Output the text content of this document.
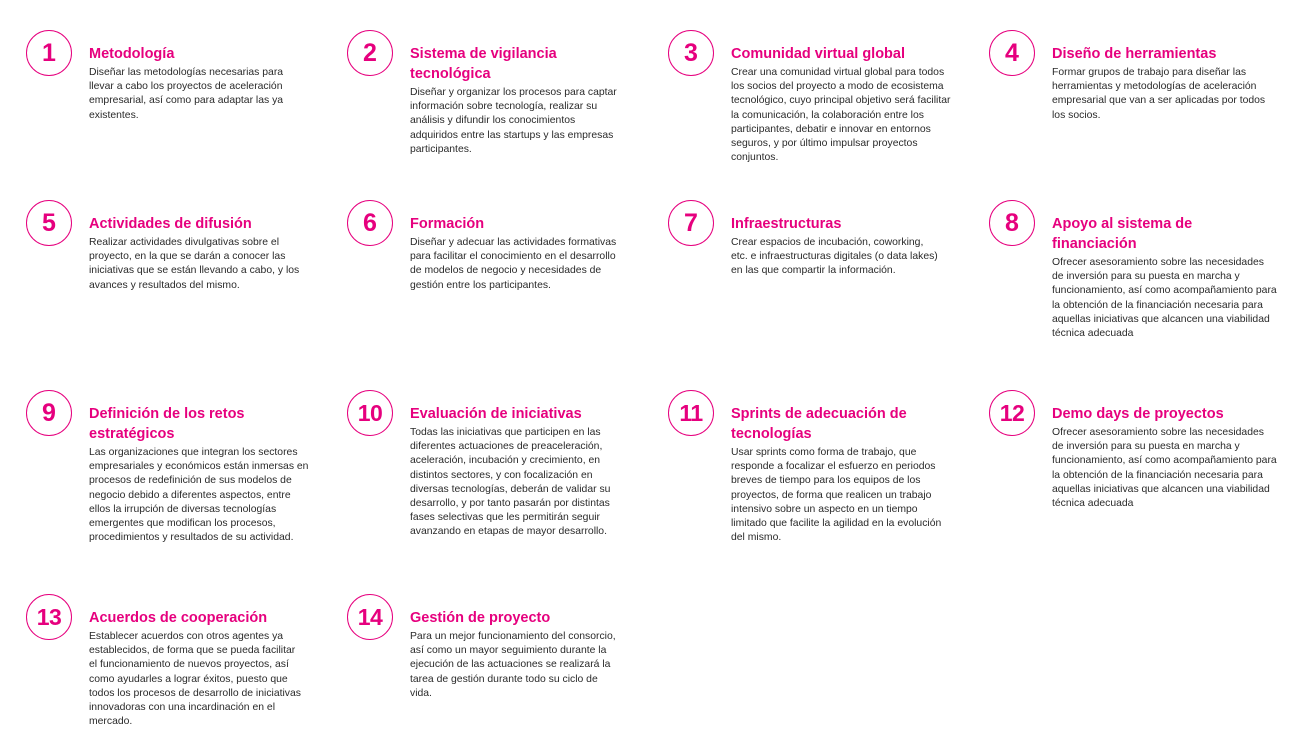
1	Metodología

Diseñar las metodologías necesarias para llevar a cabo los proyectos de aceleración empresarial, así como para adaptar las ya existentes.

2	Sistema de vigilancia tecnológica

Diseñar y organizar los procesos para captar información sobre tecnología, realizar su análisis y difundir los conocimientos adquiridos entre las startups y las empresas participantes.

3	Comunidad virtual global

Crear una comunidad virtual global para todos los socios del proyecto a modo de ecosistema tecnológico, cuyo principal objetivo será facilitar la comunicación, la colaboración entre los participantes, debatir e innovar en entornos seguros, y por último impulsar proyectos conjuntos.

4	Diseño de herramientas

Formar grupos de trabajo para diseñar las herramientas y metodologías de aceleración empresarial que van a ser aplicadas por todos los socios.

5	Actividades de difusión

Realizar actividades divulgativas sobre el proyecto, en la que se darán a conocer las iniciativas que se están llevando a cabo, y los avances y resultados del mismo.

6	Formación

Diseñar y adecuar las actividades formativas para facilitar el conocimiento en el desarrollo de modelos de negocio y necesidades de gestión entre los participantes.

7	Infraestructuras

Crear espacios de incubación, coworking, etc. e infraestructuras digitales (o data lakes) en las que compartir la información.

8	Apoyo al sistema de financiación

Ofrecer asesoramiento sobre las necesidades de inversión para su puesta en marcha y funcionamiento, así como acompañamiento para la obtención de la financiación necesaria para aquellas iniciativas que alcancen una viabilidad técnica adecuada

9	Definición de los retos estratégicos

Las organizaciones que integran los sectores empresariales y económicos están inmersas en procesos de redefinición de sus modelos de negocio debido a diferentes aspectos, entre ellos la irrupción de diversas tecnologías emergentes que modifican los procesos, procedimientos y resultados de su actividad.

10	Evaluación de iniciativas

Todas las iniciativas que participen en las diferentes actuaciones de preaceleración, aceleración, incubación y crecimiento, en distintos sectores, y con focalización en diversas tecnologías, deberán de validar su desarrollo, y por tanto pasarán por distintas fases selectivas que les permitirán seguir avanzando en etapas de mayor desarrollo.

11	Sprints de adecuación de tecnologías

Usar sprints como forma de trabajo, que responde a focalizar el esfuerzo en periodos breves de tiempo para los equipos de los proyectos, de forma que realicen un trabajo intensivo sobre un aspecto en un tiempo limitado que facilite la agilidad en la evolución del mismo.

12	Demo days de proyectos

Ofrecer asesoramiento sobre las necesidades de inversión para su puesta en marcha y funcionamiento, así como acompañamiento para la obtención de la financiación necesaria para aquellas iniciativas que alcancen una viabilidad técnica adecuada

13	Acuerdos de cooperación

Establecer acuerdos con otros agentes ya establecidos, de forma que se pueda facilitar el funcionamiento de nuevos proyectos, así como ayudarles a lograr éxitos, puesto que todos los procesos de desarrollo de iniciativas innovadoras con una incardinación en el mercado.

14	Gestión de proyecto

Para un mejor funcionamiento del consorcio, así como un mayor seguimiento durante la ejecución de las actuaciones se realizará la tarea de gestión durante todo su ciclo de vida.
